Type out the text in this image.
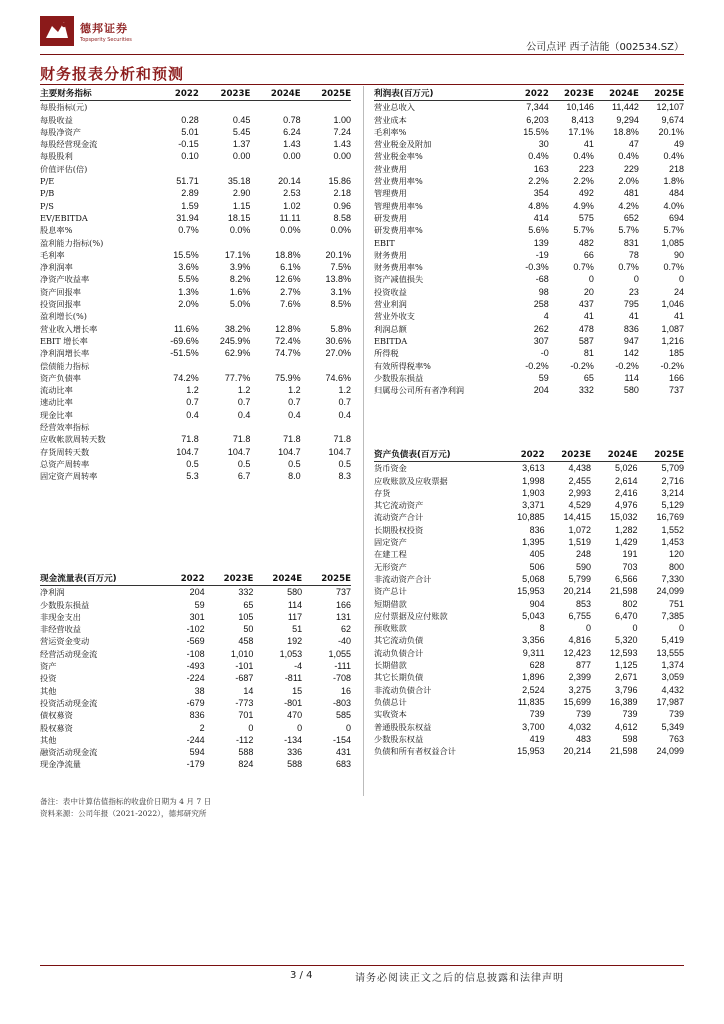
德邦证券
Topsperity Securities
公司点评 西子洁能（002534.SZ）
财务报表分析和预测
主要财务指标	2022	2023E	2024E	2025E
每股指标(元)				
每股收益	0.28	0.45	0.78	1.00
每股净资产	5.01	5.45	6.24	7.24
每股经营现金流	-0.15	1.37	1.43	1.43
每股股利	0.10	0.00	0.00	0.00
价值评估(倍)				
P/E	51.71	35.18	20.14	15.86
P/B	2.89	2.90	2.53	2.18
P/S	1.59	1.15	1.02	0.96
EV/EBITDA	31.94	18.15	11.11	8.58
股息率%	0.7%	0.0%	0.0%	0.0%
盈利能力指标(%)				
毛利率	15.5%	17.1%	18.8%	20.1%
净利润率	3.6%	3.9%	6.1%	7.5%
净资产收益率	5.5%	8.2%	12.6%	13.8%
资产回报率	1.3%	1.6%	2.7%	3.1%
投资回报率	2.0%	5.0%	7.6%	8.5%
盈利增长(%)				
营业收入增长率	11.6%	38.2%	12.8%	5.8%
EBIT 增长率	-69.6%	245.9%	72.4%	30.6%
净利润增长率	-51.5%	62.9%	74.7%	27.0%
偿债能力指标				
资产负债率	74.2%	77.7%	75.9%	74.6%
流动比率	1.2	1.2	1.2	1.2
速动比率	0.7	0.7	0.7	0.7
现金比率	0.4	0.4	0.4	0.4
经营效率指标				
应收帐款周转天数	71.8	71.8	71.8	71.8
存货周转天数	104.7	104.7	104.7	104.7
总资产周转率	0.5	0.5	0.5	0.5
固定资产周转率	5.3	6.7	8.0	8.3
现金流量表(百万元)	2022	2023E	2024E	2025E
净利润	204	332	580	737
少数股东损益	59	65	114	166
非现金支出	301	105	117	131
非经营收益	-102	50	51	62
营运资金变动	-569	458	192	-40
经营活动现金流	-108	1,010	1,053	1,055
资产	-493	-101	-4	-111
投资	-224	-687	-811	-708
其他	38	14	15	16
投资活动现金流	-679	-773	-801	-803
债权募资	836	701	470	585
股权募资	2	0	0	0
其他	-244	-112	-134	-154
融资活动现金流	594	588	336	431
现金净流量	-179	824	588	683
利润表(百万元)	2022	2023E	2024E	2025E
营业总收入	7,344	10,146	11,442	12,107
营业成本	6,203	8,413	9,294	9,674
毛利率%	15.5%	17.1%	18.8%	20.1%
营业税金及附加	30	41	47	49
营业税金率%	0.4%	0.4%	0.4%	0.4%
营业费用	163	223	229	218
营业费用率%	2.2%	2.2%	2.0%	1.8%
管理费用	354	492	481	484
管理费用率%	4.8%	4.9%	4.2%	4.0%
研发费用	414	575	652	694
研发费用率%	5.6%	5.7%	5.7%	5.7%
EBIT	139	482	831	1,085
财务费用	-19	66	78	90
财务费用率%	-0.3%	0.7%	0.7%	0.7%
资产减值损失	-68	0	0	0
投资收益	98	20	23	24
营业利润	258	437	795	1,046
营业外收支	4	41	41	41
利润总额	262	478	836	1,087
EBITDA	307	587	947	1,216
所得税	-0	81	142	185
有效所得税率%	-0.2%	-0.2%	-0.2%	-0.2%
少数股东损益	59	65	114	166
归属母公司所有者净利润	204	332	580	737
资产负债表(百万元)	2022	2023E	2024E	2025E
货币资金	3,613	4,438	5,026	5,709
应收账款及应收票据	1,998	2,455	2,614	2,716
存货	1,903	2,993	2,416	3,214
其它流动资产	3,371	4,529	4,976	5,129
流动资产合计	10,885	14,415	15,032	16,769
长期股权投资	836	1,072	1,282	1,552
固定资产	1,395	1,519	1,429	1,453
在建工程	405	248	191	120
无形资产	506	590	703	800
非流动资产合计	5,068	5,799	6,566	7,330
资产总计	15,953	20,214	21,598	24,099
短期借款	904	853	802	751
应付票据及应付账款	5,043	6,755	6,470	7,385
预收账款	8	0	0	0
其它流动负债	3,356	4,816	5,320	5,419
流动负债合计	9,311	12,423	12,593	13,555
长期借款	628	877	1,125	1,374
其它长期负债	1,896	2,399	2,671	3,059
非流动负债合计	2,524	3,275	3,796	4,432
负债总计	11,835	15,699	16,389	17,987
实收资本	739	739	739	739
普通股股东权益	3,700	4,032	4,612	5,349
少数股东权益	419	483	598	763
负债和所有者权益合计	15,953	20,214	21,598	24,099
备注：表中计算估值指标的收盘价日期为 4 月 7 日
资料来源：公司年报（2021-2022），德邦研究所
3 / 4	请务必阅读正文之后的信息披露和法律声明
